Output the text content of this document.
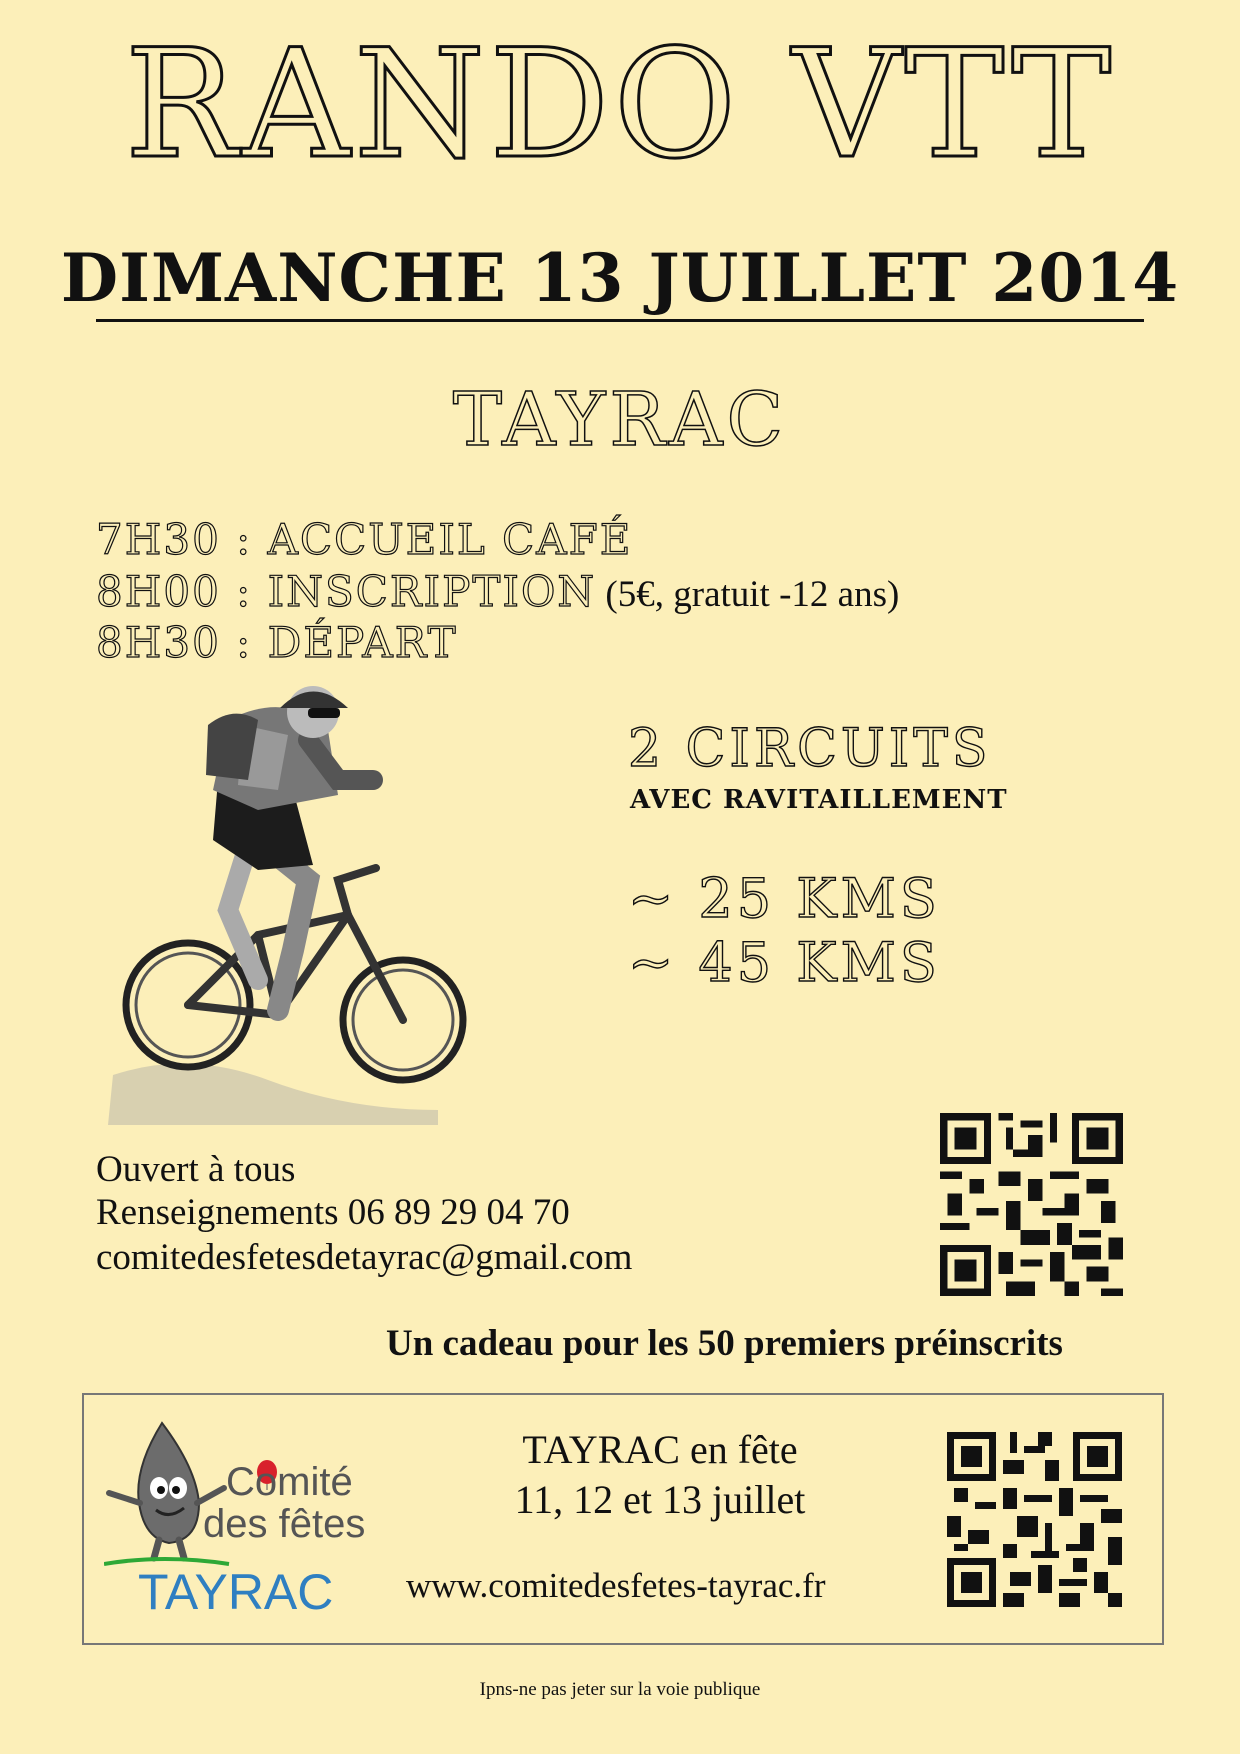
RANDO VTT
DIMANCHE 13 JUILLET 2014
TAYRAC
7H30 : ACCUEIL CAFÉ
8H00 : INSCRIPTION (5€, gratuit -12 ans)
8H30 : DÉPART
2 CIRCUITS
AVEC RAVITAILLEMENT
~ 25 KMS
~ 45 KMS
Ouvert à tous
Renseignements 06 89 29 04 70
comitedesfetesdetayrac@gmail.com
Un cadeau pour les 50 premiers préinscrits
Comité
des fêtes
TAYRAC
TAYRAC en fête
11, 12 et 13 juillet
www.comitedesfetes-tayrac.fr
Ipns-ne pas jeter sur la voie publique
